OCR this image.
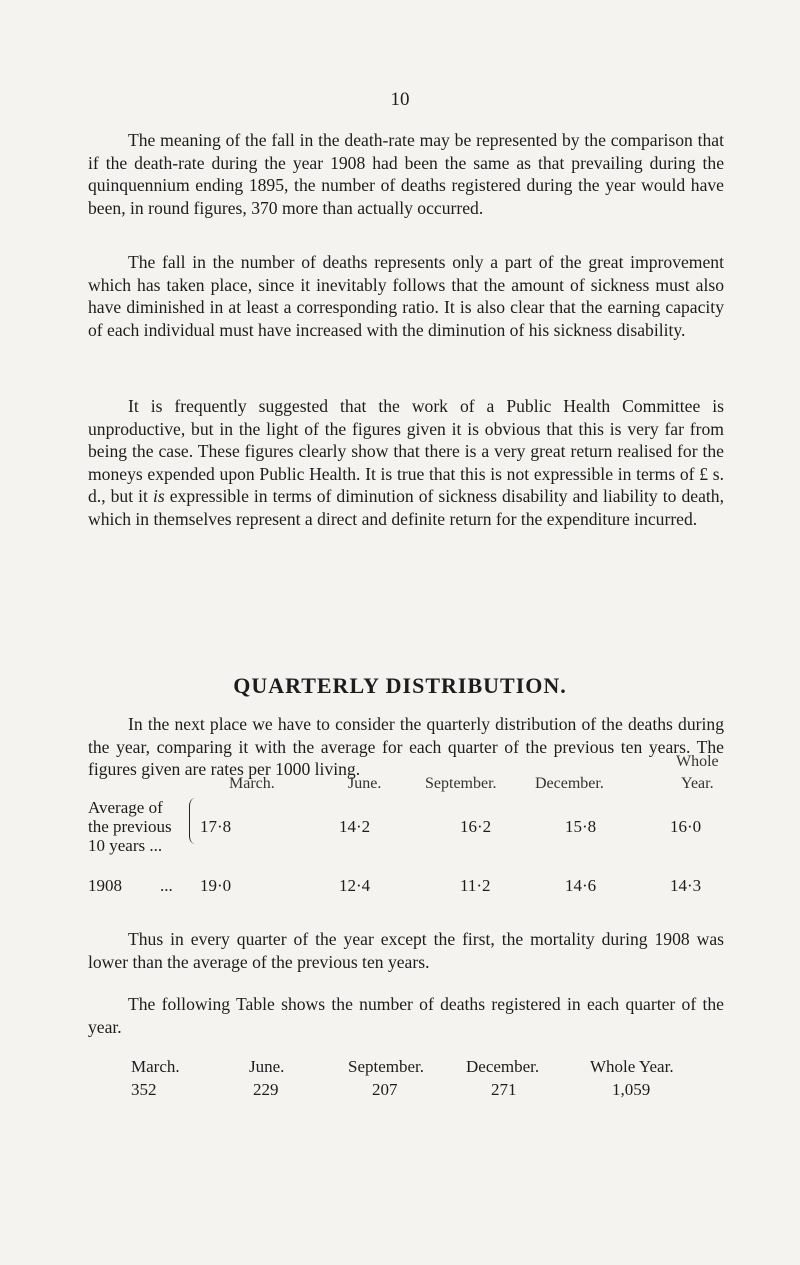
10

The meaning of the fall in the death-rate may be represented by the comparison that if the death-rate during the year 1908 had been the same as that prevailing during the quinquennium ending 1895, the number of deaths registered during the year would have been, in round figures, 370 more than actually occurred.

The fall in the number of deaths represents only a part of the great improvement which has taken place, since it inevitably follows that the amount of sickness must also have diminished in at least a corresponding ratio. It is also clear that the earning capacity of each individual must have increased with the diminution of his sickness disability.

It is frequently suggested that the work of a Public Health Committee is unproductive, but in the light of the figures given it is obvious that this is very far from being the case. These figures clearly show that there is a very great return realised for the moneys expended upon Public Health. It is true that this is not expressible in terms of £ s. d., but it is expressible in terms of diminution of sickness disability and liability to death, which in themselves represent a direct and definite return for the expenditure incurred.

QUARTERLY DISTRIBUTION.

In the next place we have to consider the quarterly distribution of the deaths during the year, comparing it with the average for each quarter of the previous ten years. The figures given are rates per 1000 living.	Whole
March.	June.	September. December.	Year.
Average of
the previous
10 years ...
17·8	14·2	16·2	15·8	16·0
1908 ... 19·0	12·4	11·2	14·6	14·3

Thus in every quarter of the year except the first, the mortality during 1908 was lower than the average of the previous ten years.

The following Table shows the number of deaths registered in each quarter of the year.

March.	June.	September. December.	Whole Year.
352	229	207	271	1,059
